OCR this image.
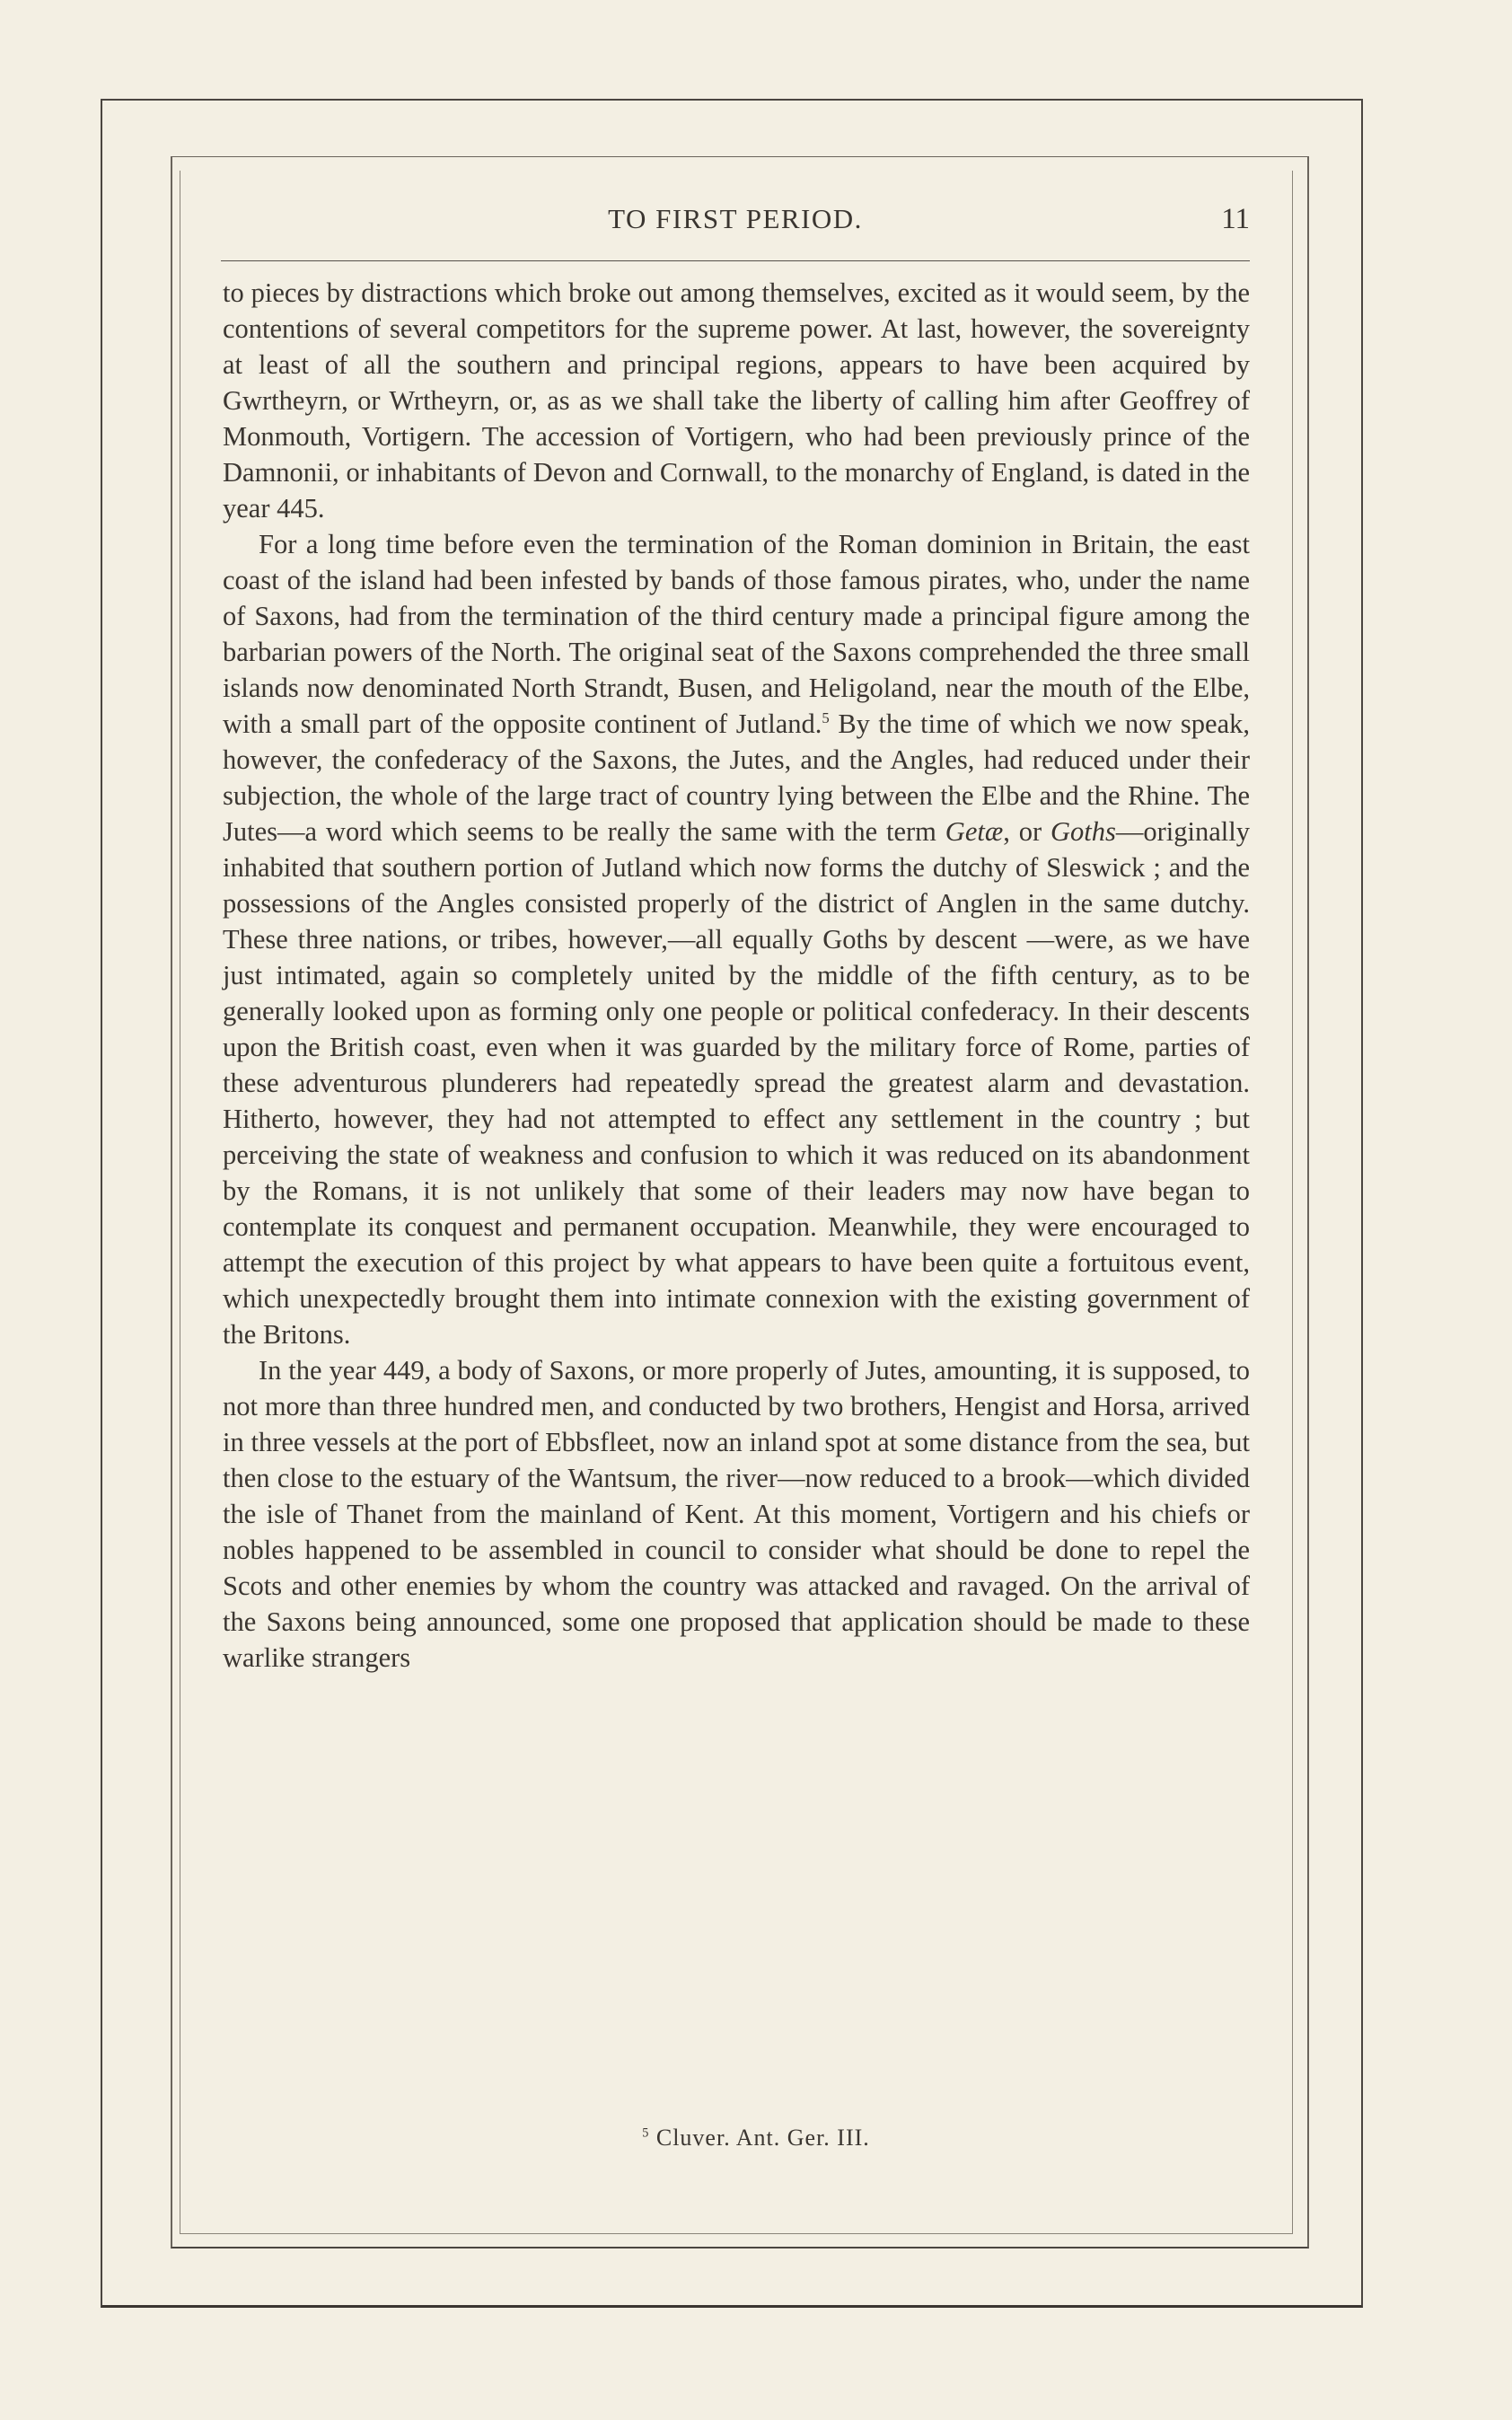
TO FIRST PERIOD.	11

to pieces by distractions which broke out among themselves, excited as it would seem, by the contentions of several competitors for the supreme power. At last, however, the sovereignty at least of all the southern and principal regions, appears to have been acquired by Gwrtheyrn, or Wrtheyrn, or, as as we shall take the liberty of calling him after Geoffrey of Monmouth, Vortigern. The accession of Vortigern, who had been previously prince of the Damnonii, or inhabitants of Devon and Cornwall, to the monarchy of England, is dated in the year 445.

For a long time before even the termination of the Roman dominion in Britain, the east coast of the island had been infested by bands of those famous pirates, who, under the name of Saxons, had from the termination of the third century made a principal figure among the barbarian powers of the North. The original seat of the Saxons comprehended the three small islands now denominated North Strandt, Busen, and Heligoland, near the mouth of the Elbe, with a small part of the opposite continent of Jutland.$^5$ By the time of which we now speak, however, the confederacy of the Saxons, the Jutes, and the Angles, had reduced under their subjection, the whole of the large tract of country lying between the Elbe and the Rhine. The Jutes—a word which seems to be really the same with the term Getæ, or Goths—originally inhabited that southern portion of Jutland which now forms the dutchy of Sleswick ; and the possessions of the Angles consisted properly of the district of Anglen in the same dutchy. These three nations, or tribes, however,—all equally Goths by descent —were, as we have just intimated, again so completely united by the middle of the fifth century, as to be generally looked upon as forming only one people or political confederacy. In their descents upon the British coast, even when it was guarded by the military force of Rome, parties of these adventurous plunderers had repeatedly spread the greatest alarm and devastation. Hitherto, however, they had not attempted to effect any settlement in the country ; but perceiving the state of weakness and confusion to which it was reduced on its abandonment by the Romans, it is not unlikely that some of their leaders may now have began to contemplate its conquest and permanent occupation. Meanwhile, they were encouraged to attempt the execution of this project by what appears to have been quite a fortuitous event, which unexpectedly brought them into intimate connexion with the existing government of the Britons.

In the year 449, a body of Saxons, or more properly of Jutes, amounting, it is supposed, to not more than three hundred men, and conducted by two brothers, Hengist and Horsa, arrived in three vessels at the port of Ebbsfleet, now an inland spot at some distance from the sea, but then close to the estuary of the Wantsum, the river—now reduced to a brook—which divided the isle of Thanet from the mainland of Kent. At this moment, Vortigern and his chiefs or nobles happened to be assembled in council to consider what should be done to repel the Scots and other enemies by whom the country was attacked and ravaged. On the arrival of the Saxons being announced, some one proposed that application should be made to these warlike strangers

$^5$ Cluver. Ant. Ger. III.
